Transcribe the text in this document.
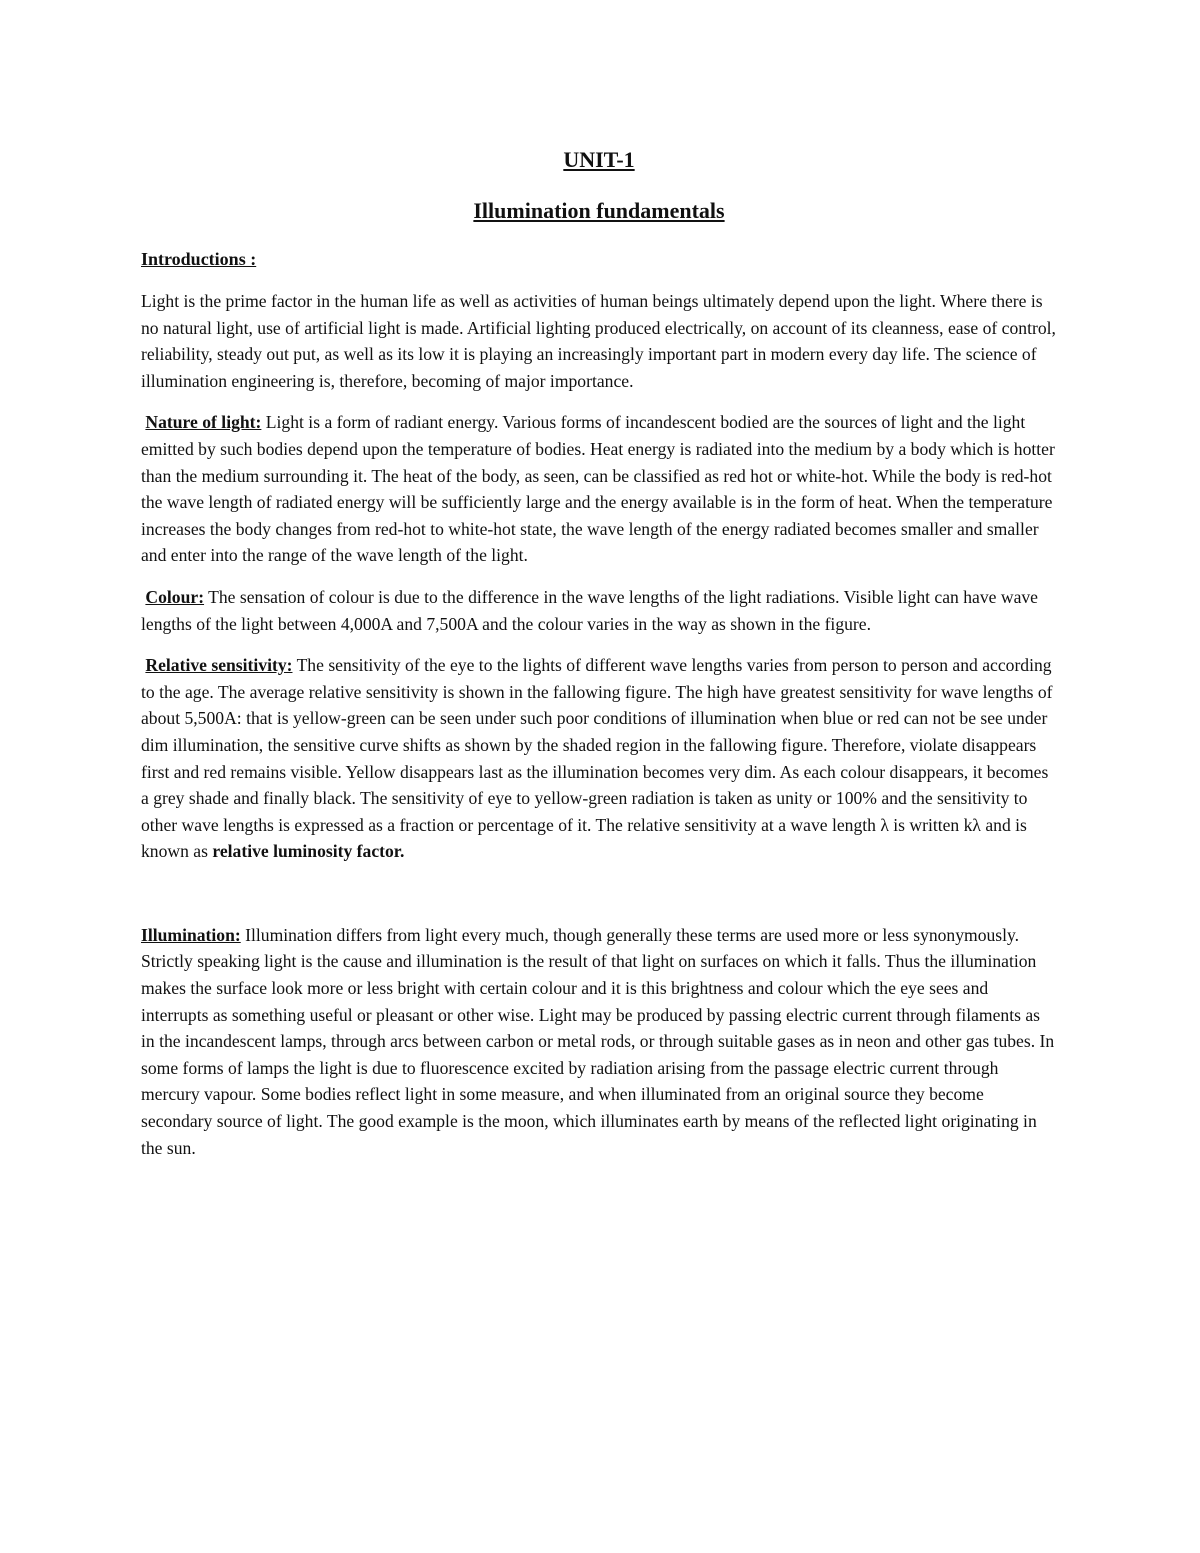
UNIT-1
Illumination fundamentals
Introductions :

Light is the prime factor in the human life as well as activities of human beings ultimately depend upon the light. Where there is no natural light, use of artificial light is made. Artificial lighting produced electrically, on account of its cleanness, ease of control, reliability, steady out put, as well as its low it is playing an increasingly important part in modern every day life. The science of illumination engineering is, therefore, becoming of major importance.

Nature of light: Light is a form of radiant energy. Various forms of incandescent bodied are the sources of light and the light emitted by such bodies depend upon the temperature of bodies. Heat energy is radiated into the medium by a body which is hotter than the medium surrounding it. The heat of the body, as seen, can be classified as red hot or white-hot. While the body is red-hot the wave length of radiated energy will be sufficiently large and the energy available is in the form of heat. When the temperature increases the body changes from red-hot to white-hot state, the wave length of the energy radiated becomes smaller and smaller and enter into the range of the wave length of the light.

Colour: The sensation of colour is due to the difference in the wave lengths of the light radiations. Visible light can have wave lengths of the light between 4,000A and 7,500A and the colour varies in the way as shown in the figure.

Relative sensitivity: The sensitivity of the eye to the lights of different wave lengths varies from person to person and according to the age. The average relative sensitivity is shown in the fallowing figure. The high have greatest sensitivity for wave lengths of about 5,500A: that is yellow-green can be seen under such poor conditions of illumination when blue or red can not be see under dim illumination, the sensitive curve shifts as shown by the shaded region in the fallowing figure. Therefore, violate disappears first and red remains visible. Yellow disappears last as the illumination becomes very dim. As each colour disappears, it becomes a grey shade and finally black. The sensitivity of eye to yellow-green radiation is taken as unity or 100% and the sensitivity to other wave lengths is expressed as a fraction or percentage of it. The relative sensitivity at a wave length λ is written kλ and is known as relative luminosity factor.

Illumination: Illumination differs from light every much, though generally these terms are used more or less synonymously. Strictly speaking light is the cause and illumination is the result of that light on surfaces on which it falls. Thus the illumination makes the surface look more or less bright with certain colour and it is this brightness and colour which the eye sees and interrupts as something useful or pleasant or other wise. Light may be produced by passing electric current through filaments as in the incandescent lamps, through arcs between carbon or metal rods, or through suitable gases as in neon and other gas tubes. In some forms of lamps the light is due to fluorescence excited by radiation arising from the passage electric current through mercury vapour. Some bodies reflect light in some measure, and when illuminated from an original source they become secondary source of light. The good example is the moon, which illuminates earth by means of the reflected light originating in the sun.
